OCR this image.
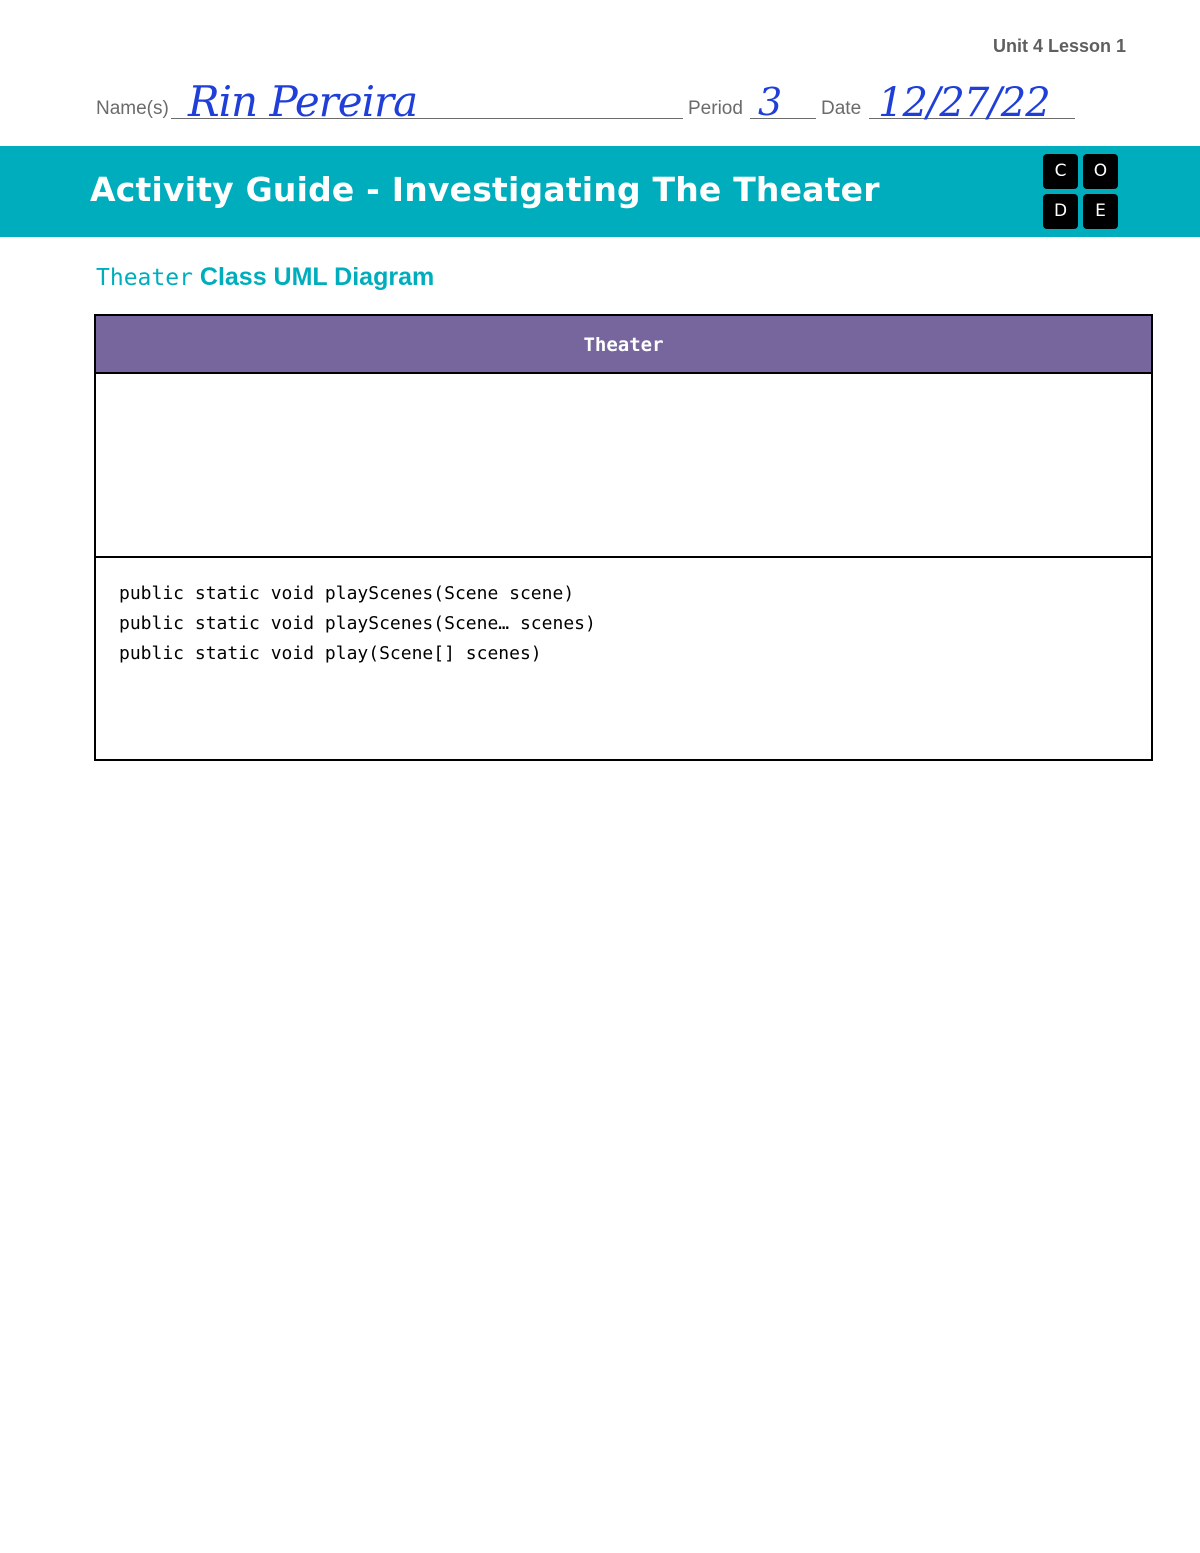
Unit 4 Lesson 1
Name(s) Rin Pereira	Period 3 Date 12/27/22
Activity Guide - Investigating The Theater	C	O
D	E
Theater Class UML Diagram
Theater
public static void playScenes(Scene scene)
public static void playScenes(Scene… scenes)
public static void play(Scene[] scenes)
